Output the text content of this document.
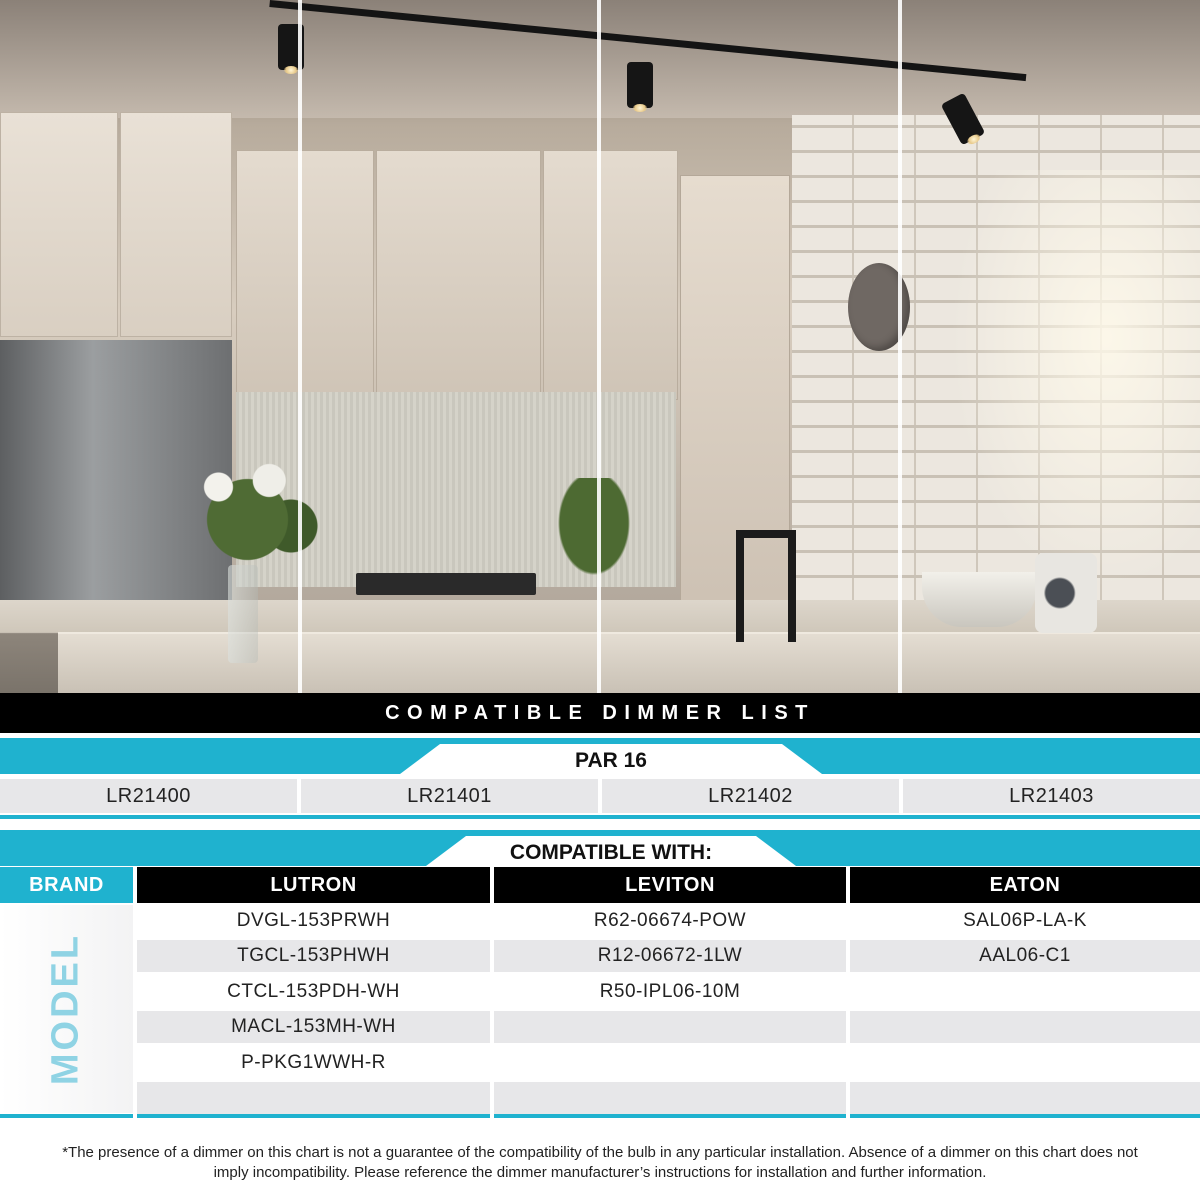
COMPATIBLE DIMMER LIST
PAR 16
LR21400	LR21401	LR21402	LR21403
COMPATIBLE WITH:
BRAND	LUTRON	LEVITON	EATON
MODEL
DVGL-153PRWH	R62-06674-POW	SAL06P-LA-K
TGCL-153PHWH	R12-06672-1LW	AAL06-C1
CTCL-153PDH-WH	R50-IPL06-10M
MACL-153MH-WH
P-PKG1WWH-R
*The presence of a dimmer on this chart is not a guarantee of the compatibility of the bulb in any particular installation. Absence of a dimmer on this chart does not imply incompatibility. Please reference the dimmer manufacturer’s instructions for installation and further information.
